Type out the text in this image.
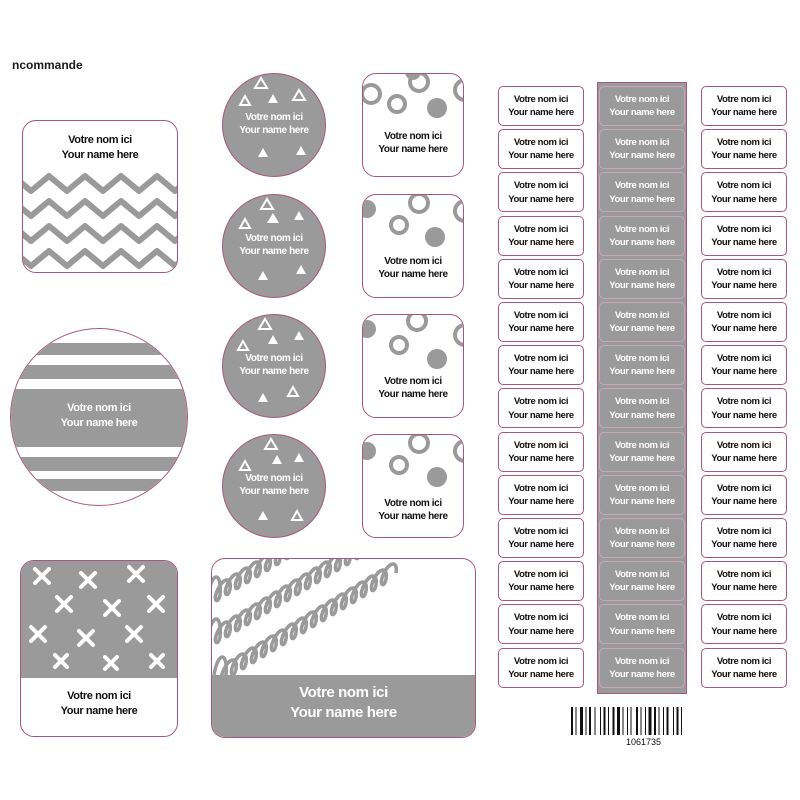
ncommande
Votre nom ici
Your name here
Votre nom ici
Your name here
Votre nom ici
Your name here
Votre nom ici
Your name here
Votre nom ici
Your name here
Votre nom ici
Your name here
Votre nom ici
Your name here
Votre nom ici
Your name here
Votre nom ici
Your name here
Votre nom ici
Your name here
Votre nom ici
Your name here
Votre nom ici
Your name here
Votre nom ici
Your name here
Votre nom ici
Your name here
Votre nom ici
Your name here
Votre nom ici
Your name here
Votre nom ici
Your name here
Votre nom ici
Your name here
Votre nom ici
Your name here
Votre nom ici
Your name here
Votre nom ici
Your name here
Votre nom ici
Your name here
Votre nom ici
Your name here
Votre nom ici
Your name here
Votre nom ici
Your name here
Votre nom ici
Your name here
Votre nom ici
Your name here
Votre nom ici
Your name here
Votre nom ici
Your name here
Votre nom ici
Your name here
Votre nom ici
Your name here
Votre nom ici
Your name here
Votre nom ici
Your name here
Votre nom ici
Your name here
Votre nom ici
Your name here
Votre nom ici
Your name here
Votre nom ici
Your name here
Votre nom ici
Your name here
Votre nom ici
Your name here
Votre nom ici
Your name here
Votre nom ici
Your name here
Votre nom ici
Your name here
Votre nom ici
Your name here
Votre nom ici
Your name here
Votre nom ici
Your name here
Votre nom ici
Your name here
Votre nom ici
Your name here
Votre nom ici
Your name here
Votre nom ici
Your name here
Votre nom ici
Your name here
Votre nom ici
Your name here
Votre nom ici
Your name here
Votre nom ici
Your name here
Votre nom ici
Your name here
1061735
